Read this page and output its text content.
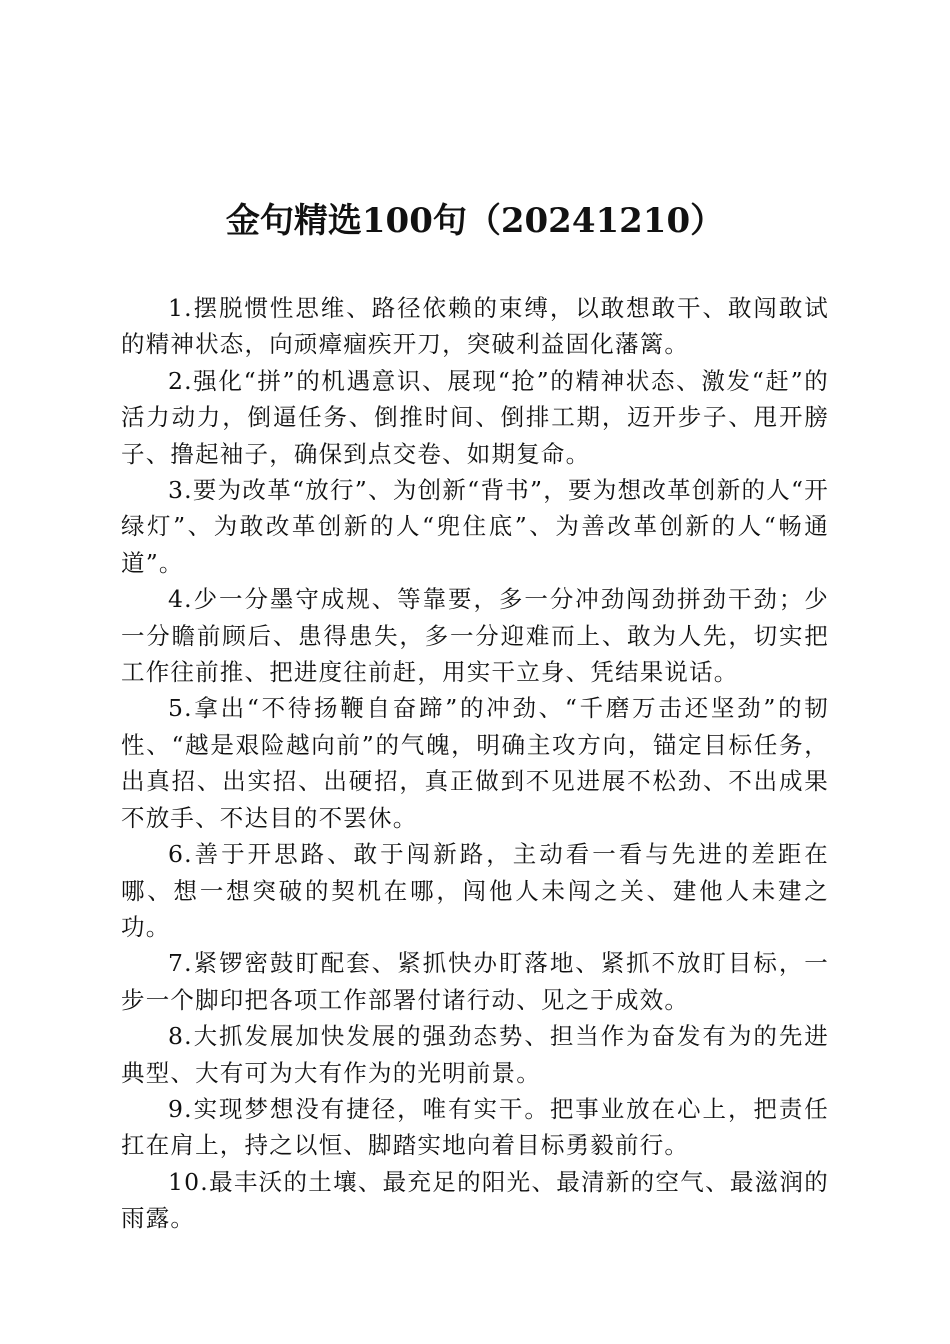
金句精选100句（20241210）

1.摆脱惯性思维、路径依赖的束缚，以敢想敢干、敢闯敢试的精神状态，向顽瘴痼疾开刀，突破利益固化藩篱。

2.强化“拼”的机遇意识、展现“抢”的精神状态、激发“赶”的活力动力，倒逼任务、倒推时间、倒排工期，迈开步子、甩开膀子、撸起袖子，确保到点交卷、如期复命。

3.要为改革“放行”、为创新“背书”，要为想改革创新的人“开绿灯”、为敢改革创新的人“兜住底”、为善改革创新的人“畅通道”。

4.少一分墨守成规、等靠要，多一分冲劲闯劲拼劲干劲；少一分瞻前顾后、患得患失，多一分迎难而上、敢为人先，切实把工作往前推、把进度往前赶，用实干立身、凭结果说话。

5.拿出“不待扬鞭自奋蹄”的冲劲、“千磨万击还坚劲”的韧性、“越是艰险越向前”的气魄，明确主攻方向，锚定目标任务，出真招、出实招、出硬招，真正做到不见进展不松劲、不出成果不放手、不达目的不罢休。

6.善于开思路、敢于闯新路，主动看一看与先进的差距在哪、想一想突破的契机在哪，闯他人未闯之关、建他人未建之功。

7.紧锣密鼓盯配套、紧抓快办盯落地、紧抓不放盯目标，一步一个脚印把各项工作部署付诸行动、见之于成效。

8.大抓发展加快发展的强劲态势、担当作为奋发有为的先进典型、大有可为大有作为的光明前景。

9.实现梦想没有捷径，唯有实干。把事业放在心上，把责任扛在肩上，持之以恒、脚踏实地向着目标勇毅前行。

10.最丰沃的土壤、最充足的阳光、最清新的空气、最滋润的雨露。
